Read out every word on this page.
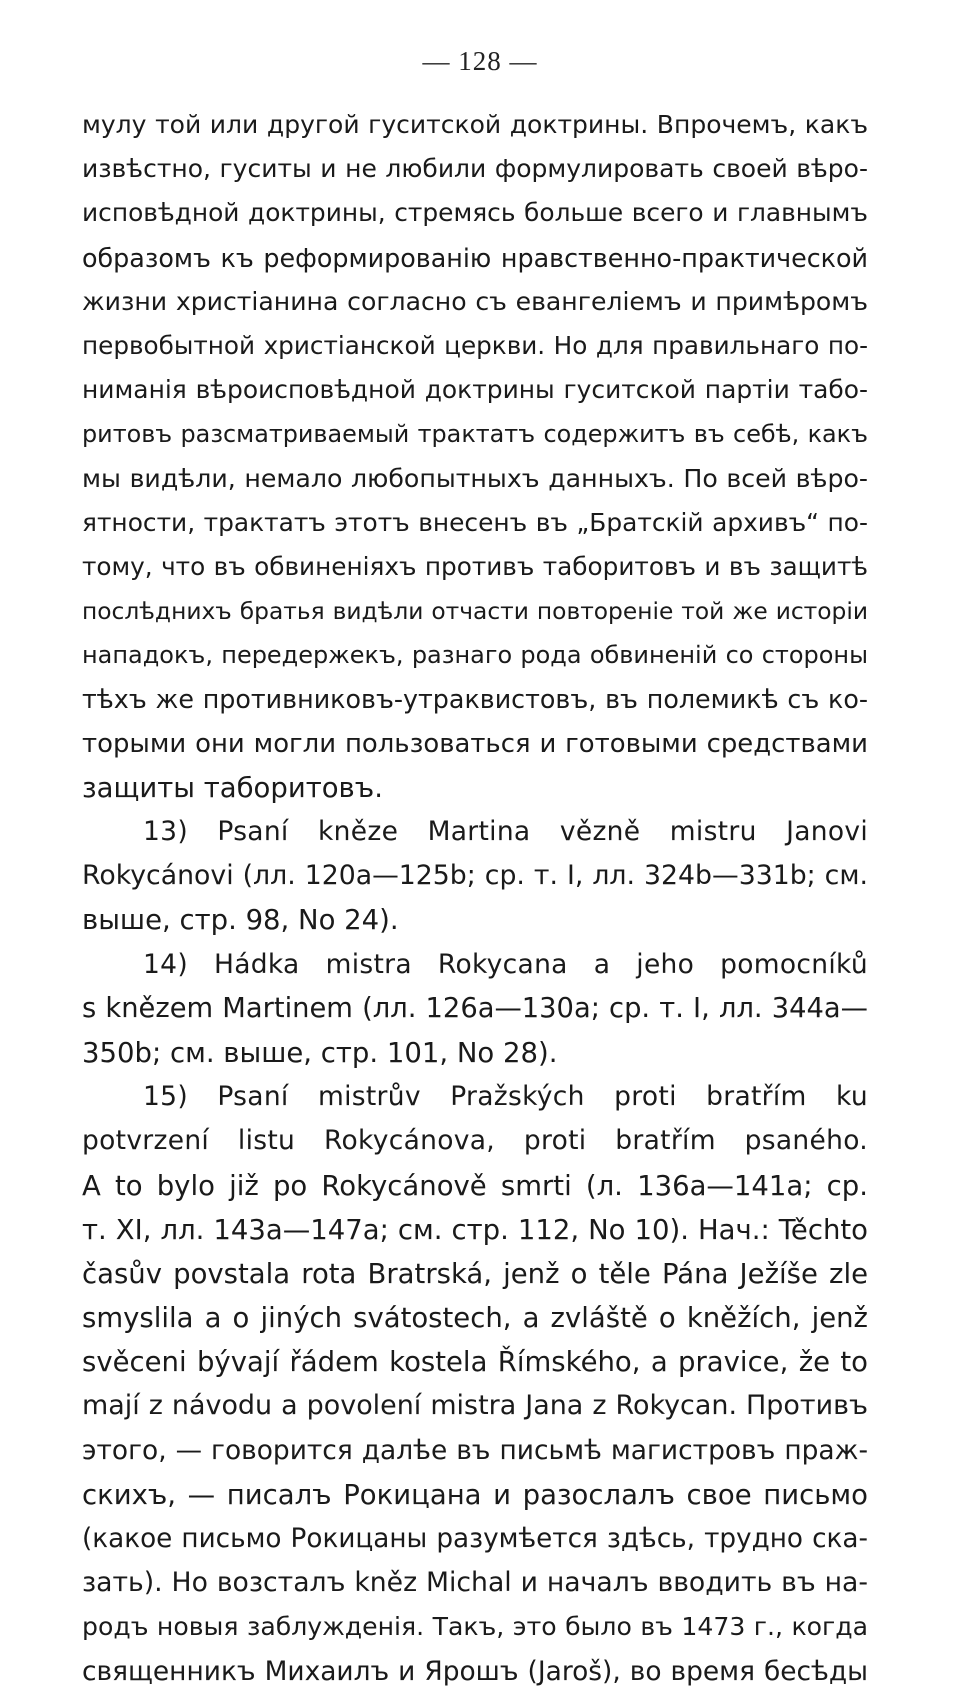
— 128 —
мулу той или другой гуситской доктрины. Впрочемъ, какъ
извѣстно, гуситы и не любили формулировать своей вѣро-
исповѣдной доктрины, стремясь больше всего и главнымъ
образомъ къ реформированію нравственно-практической
жизни христіанина согласно съ евангеліемъ и примѣромъ
первобытной христіанской церкви. Но для правильнаго по-
ниманія вѣроисповѣдной доктрины гуситской партіи табо-
ритовъ разсматриваемый трактатъ содержитъ въ себѣ, какъ
мы видѣли, немало любопытныхъ данныхъ. По всей вѣро-
ятности, трактатъ этотъ внесенъ въ „Братскій архивъ“ по-
тому, что въ обвиненіяхъ противъ таборитовъ и въ защитѣ
послѣднихъ братья видѣли отчасти повтореніе той же исторіи
нападокъ, передержекъ, разнаго рода обвиненій со стороны
тѣхъ же противниковъ-утраквистовъ, въ полемикѣ съ ко-
торыми они могли пользоваться и готовыми средствами
защиты таборитовъ.
13) Psaní kněze Martina vězně mistru Janovi
Rokycánovi (лл. 120a—125b; ср. т. I, лл. 324b—331b; см.
выше, стр. 98, No 24).
14) Hádka mistra Rokycana a jeho pomocníků
s knězem Martinem (лл. 126a—130a; ср. т. I, лл. 344a—
350b; см. выше, стр. 101, No 28).
15) Psaní mistrův Pražských proti bratřím ku
potvrzení listu Rokycánova, proti bratřím psaného.
A to bylo již po Rokycánově smrti (л. 136a—141a; ср.
т. XI, лл. 143a—147a; см. стр. 112, No 10). Нач.: Těchto
časův povstala rota Bratrská, jenž o těle Pána Ježíše zle
smyslila a o jiných svátostech, a zvláště o kněžích, jenž
svěceni bývají řádem kostela Římského, a pravice, že to
mají z návodu a povolení mistra Jana z Rokycan. Противъ
этого, — говорится далѣе въ письмѣ магистровъ праж-
скихъ, — писалъ Рокицана и разослалъ свое письмо
(какое письмо Рокицаны разумѣется здѣсь, трудно ска-
зать). Но возсталъ kněz Michal и началъ вводить въ на-
родъ новыя заблужденія. Такъ, это было въ 1473 г., когда
священникъ Михаилъ и Ярошъ (Jaroš), во время бесѣды
